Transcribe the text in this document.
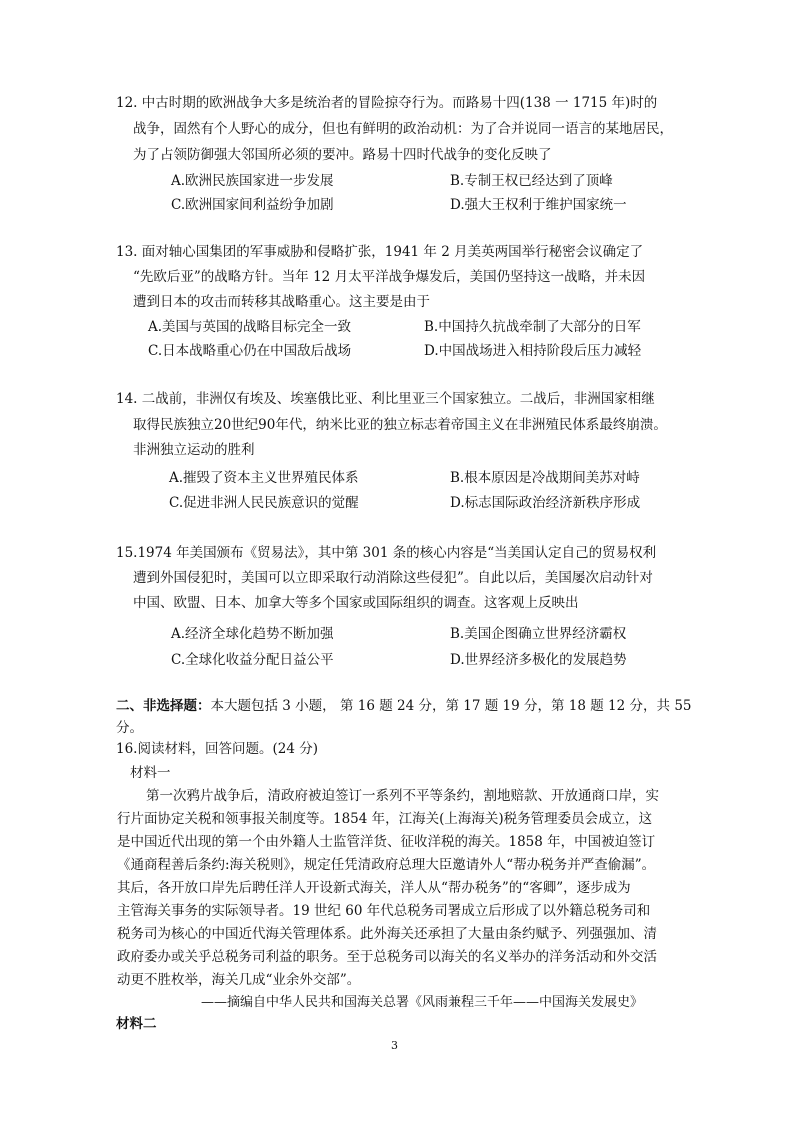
12. 中古时期的欧洲战争大多是统治者的冒险掠夺行为。而路易十四(138 一 1715 年)时的
战争，固然有个人野心的成分，但也有鲜明的政治动机：为了合并说同一语言的某地居民，
为了占领防御强大邻国所必须的要冲。路易十四时代战争的变化反映了
A.欧洲民族国家进一步发展	B.专制王权已经达到了顶峰
C.欧洲国家间利益纷争加剧	D.强大王权利于维护国家统一
13. 面对轴心国集团的军事威胁和侵略扩张，1941 年 2 月美英两国举行秘密会议确定了
“先欧后亚”的战略方针。当年 12 月太平洋战争爆发后，美国仍坚持这一战略，并未因
遭到日本的攻击而转移其战略重心。这主要是由于
A.美国与英国的战略目标完全一致	B.中国持久抗战牵制了大部分的日军
C.日本战略重心仍在中国敌后战场	D.中国战场进入相持阶段后压力减轻
14. 二战前，非洲仅有埃及、埃塞俄比亚、利比里亚三个国家独立。二战后，非洲国家相继
取得民族独立20世纪90年代，纳米比亚的独立标志着帝国主义在非洲殖民体系最终崩溃。
非洲独立运动的胜利
A.摧毁了资本主义世界殖民体系	B.根本原因是冷战期间美苏对峙
C.促进非洲人民民族意识的觉醒	D.标志国际政治经济新秩序形成
15.1974 年美国颁布《贸易法》，其中第 301 条的核心内容是“当美国认定自己的贸易权利
遭到外国侵犯时，美国可以立即采取行动消除这些侵犯”。自此以后，美国屡次启动针对
中国、欧盟、日本、加拿大等多个国家或国际组织的调查。这客观上反映出
A.经济全球化趋势不断加强	B.美国企图确立世界经济霸权
C.全球化收益分配日益公平	D.世界经济多极化的发展趋势
二、非选择题：本大题包括 3 小题， 第 16 题 24 分，第 17 题 19 分，第 18 题 12 分，共 55
分。
16.阅读材料，回答问题。(24 分)
材料一
第一次鸦片战争后，清政府被迫签订一系列不平等条约，割地赔款、开放通商口岸，实
行片面协定关税和领事报关制度等。1854 年，江海关(上海海关)税务管理委员会成立，这
是中国近代出现的第一个由外籍人士监管洋货、征收洋税的海关。1858 年，中国被迫签订
《通商程善后条约:海关税则》，规定任凭清政府总理大臣邀请外人“帮办税务并严查偷漏”。
其后，各开放口岸先后聘任洋人开设新式海关，洋人从“帮办税务”的“客卿”，逐步成为
主管海关事务的实际领导者。19 世纪 60 年代总税务司署成立后形成了以外籍总税务司和
税务司为核心的中国近代海关管理体系。此外海关还承担了大量由条约赋予、列强强加、清
政府委办或关乎总税务司利益的职务。至于总税务司以海关的名义举办的洋务活动和外交活
动更不胜枚举，海关几成“业余外交部”。
——摘编自中华人民共和国海关总署《风雨兼程三千年——中国海关发展史》
材料二
3
